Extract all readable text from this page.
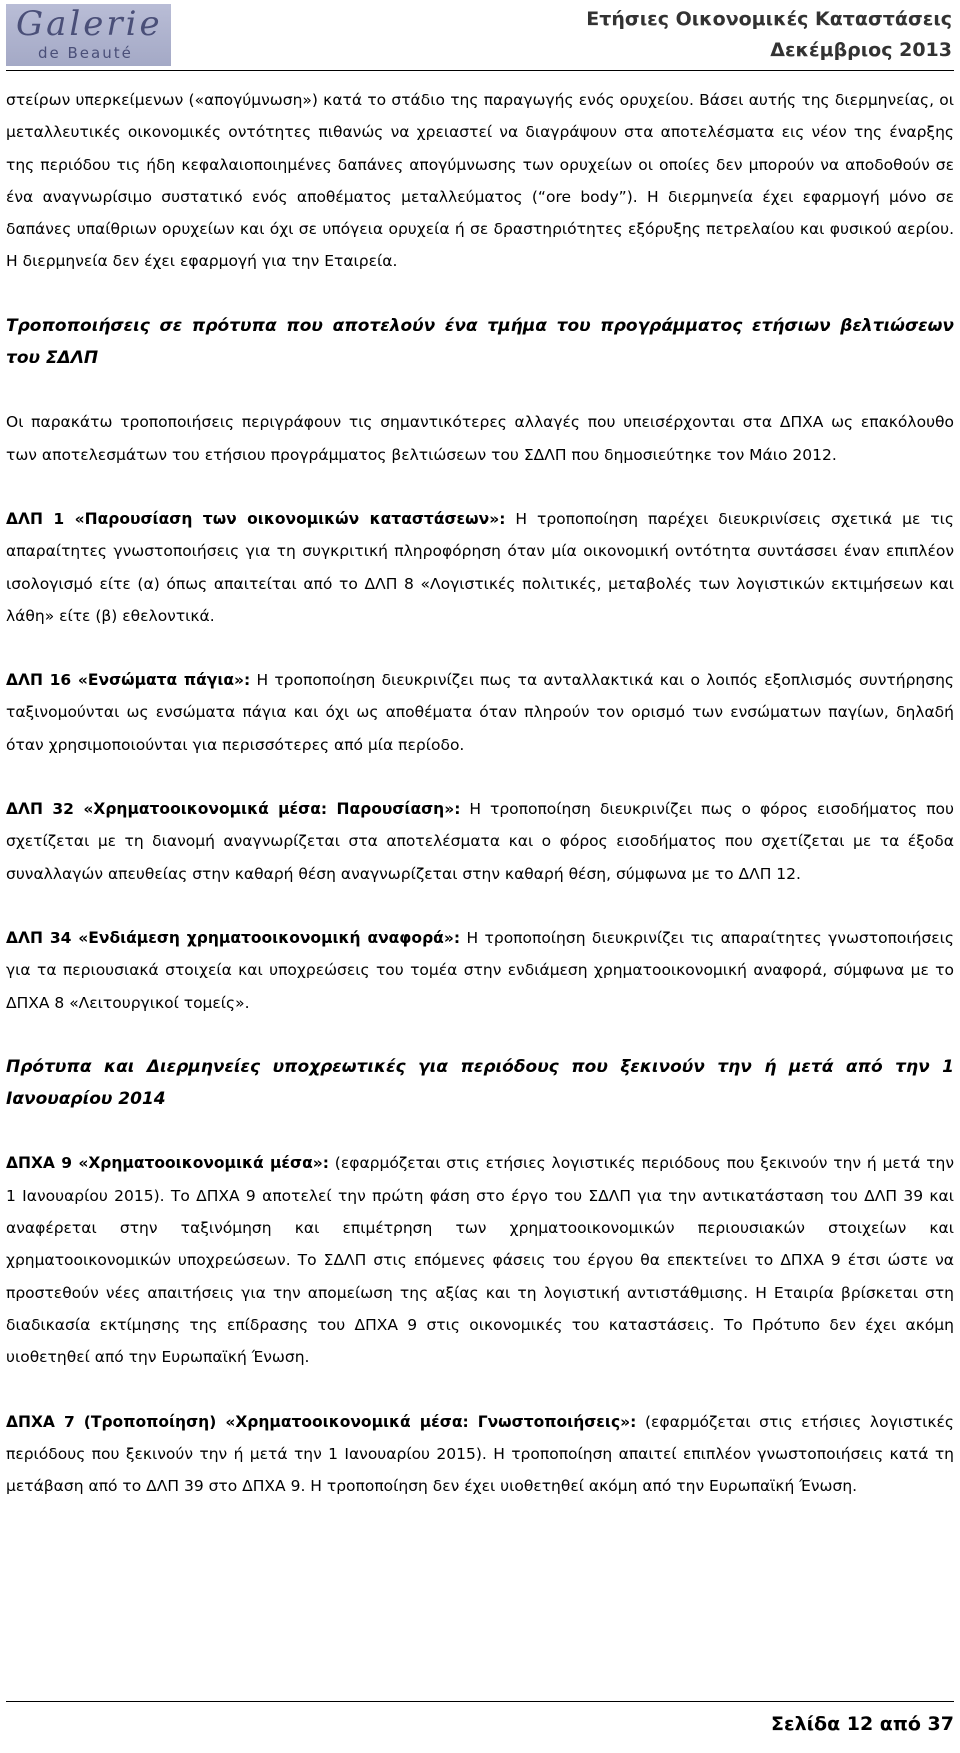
Galerie
de Beauté
Ετήσιες Οικονομικές Καταστάσεις
Δεκέμβριος 2013

στείρων υπερκείμενων («απογύμνωση») κατά το στάδιο της παραγωγής ενός ορυχείου. Βάσει αυτής της διερμηνείας, οι μεταλλευτικές οικονομικές οντότητες πιθανώς να χρειαστεί να διαγράψουν στα αποτελέσματα εις νέον της έναρξης της περιόδου τις ήδη κεφαλαιοποιημένες δαπάνες απογύμνωσης των ορυχείων οι οποίες δεν μπορούν να αποδοθούν σε ένα αναγνωρίσιμο συστατικό ενός αποθέματος μεταλλεύματος (“ore body”). Η διερμηνεία έχει εφαρμογή μόνο σε δαπάνες υπαίθριων ορυχείων και όχι σε υπόγεια ορυχεία ή σε δραστηριότητες εξόρυξης πετρελαίου και φυσικού αερίου. Η διερμηνεία δεν έχει εφαρμογή για την Εταιρεία.

Τροποποιήσεις σε πρότυπα που αποτελούν ένα τμήμα του προγράμματος ετήσιων βελτιώσεων του ΣΔΛΠ

Οι παρακάτω τροποποιήσεις περιγράφουν τις σημαντικότερες αλλαγές που υπεισέρχονται στα ΔΠΧΑ ως επακόλουθο των αποτελεσμάτων του ετήσιου προγράμματος βελτιώσεων του ΣΔΛΠ που δημοσιεύτηκε τον Μάιο 2012.

ΔΛΠ 1 «Παρουσίαση των οικονομικών καταστάσεων»: Η τροποποίηση παρέχει διευκρινίσεις σχετικά με τις απαραίτητες γνωστοποιήσεις για τη συγκριτική πληροφόρηση όταν μία οικονομική οντότητα συντάσσει έναν επιπλέον ισολογισμό είτε (α) όπως απαιτείται από το ΔΛΠ 8 «Λογιστικές πολιτικές, μεταβολές των λογιστικών εκτιμήσεων και λάθη» είτε (β) εθελοντικά.

ΔΛΠ 16 «Ενσώματα πάγια»: Η τροποποίηση διευκρινίζει πως τα ανταλλακτικά και ο λοιπός εξοπλισμός συντήρησης ταξινομούνται ως ενσώματα πάγια και όχι ως αποθέματα όταν πληρούν τον ορισμό των ενσώματων παγίων, δηλαδή όταν χρησιμοποιούνται για περισσότερες από μία περίοδο.

ΔΛΠ 32 «Χρηματοοικονομικά μέσα: Παρουσίαση»: Η τροποποίηση διευκρινίζει πως ο φόρος εισοδήματος που σχετίζεται με τη διανομή αναγνωρίζεται στα αποτελέσματα και ο φόρος εισοδήματος που σχετίζεται με τα έξοδα συναλλαγών απευθείας στην καθαρή θέση αναγνωρίζεται στην καθαρή θέση, σύμφωνα με το ΔΛΠ 12.

ΔΛΠ 34 «Ενδιάμεση χρηματοοικονομική αναφορά»: Η τροποποίηση διευκρινίζει τις απαραίτητες γνωστοποιήσεις για τα περιουσιακά στοιχεία και υποχρεώσεις του τομέα στην ενδιάμεση χρηματοοικονομική αναφορά, σύμφωνα με το ΔΠΧΑ 8 «Λειτουργικοί τομείς».

Πρότυπα και Διερμηνείες υποχρεωτικές για περιόδους που ξεκινούν την ή μετά από την 1 Ιανουαρίου 2014

ΔΠΧΑ 9 «Χρηματοοικονομικά μέσα»: (εφαρμόζεται στις ετήσιες λογιστικές περιόδους που ξεκινούν την ή μετά την 1 Ιανουαρίου 2015). Το ΔΠΧΑ 9 αποτελεί την πρώτη φάση στο έργο του ΣΔΛΠ για την αντικατάσταση του ΔΛΠ 39 και αναφέρεται στην ταξινόμηση και επιμέτρηση των χρηματοοικονομικών περιουσιακών στοιχείων και χρηματοοικονομικών υποχρεώσεων. Το ΣΔΛΠ στις επόμενες φάσεις του έργου θα επεκτείνει το ΔΠΧΑ 9 έτσι ώστε να προστεθούν νέες απαιτήσεις για την απομείωση της αξίας και τη λογιστική αντιστάθμισης. Η Εταιρία βρίσκεται στη διαδικασία εκτίμησης της επίδρασης του ΔΠΧΑ 9 στις οικονομικές του καταστάσεις. Το Πρότυπο δεν έχει ακόμη υιοθετηθεί από την Ευρωπαϊκή Ένωση.

ΔΠΧΑ 7 (Τροποποίηση) «Χρηματοοικονομικά μέσα: Γνωστοποιήσεις»: (εφαρμόζεται στις ετήσιες λογιστικές περιόδους που ξεκινούν την ή μετά την 1 Ιανουαρίου 2015). Η τροποποίηση απαιτεί επιπλέον γνωστοποιήσεις κατά τη μετάβαση από το ΔΛΠ 39 στο ΔΠΧΑ 9. Η τροποποίηση δεν έχει υιοθετηθεί ακόμη από την Ευρωπαϊκή Ένωση.

Σελίδα 12 από 37
